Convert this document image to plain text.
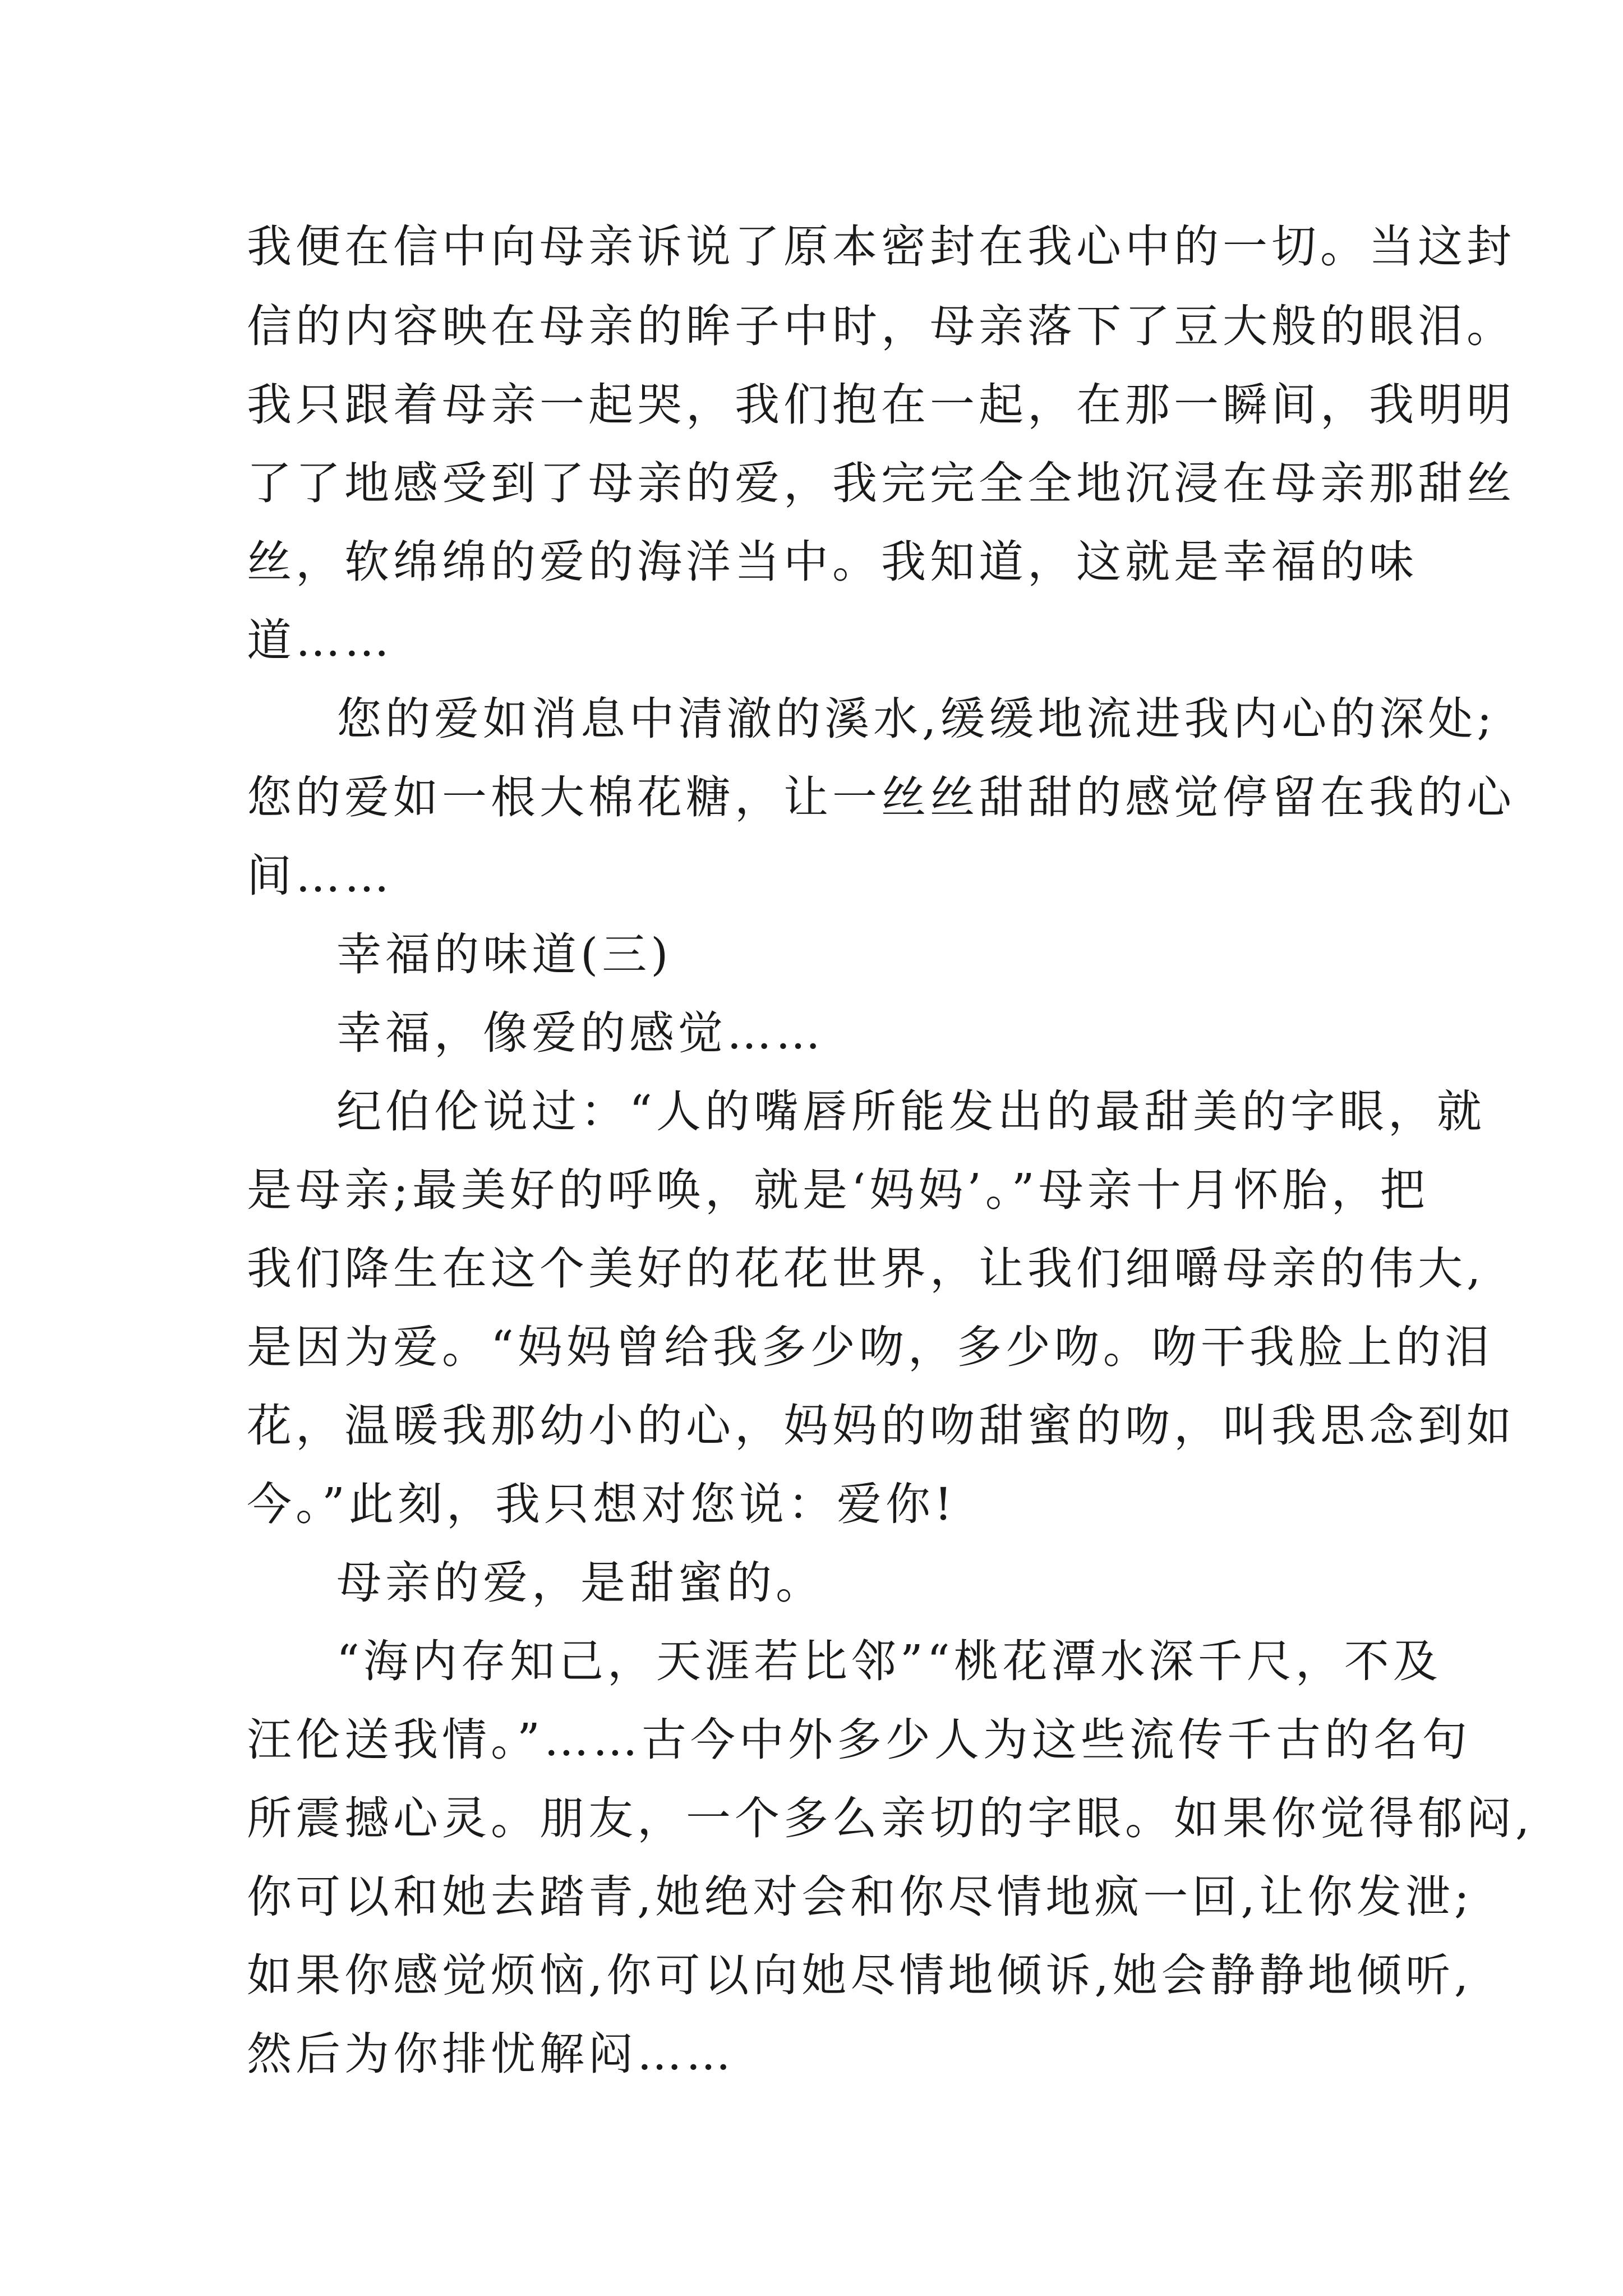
我便在信中向母亲诉说了原本密封在我心中的一切。当这封

信的内容映在母亲的眸子中时，母亲落下了豆大般的眼泪。

我只跟着母亲一起哭，我们抱在一起，在那一瞬间，我明明

了了地感受到了母亲的爱，我完完全全地沉浸在母亲那甜丝

丝，软绵绵的爱的海洋当中。我知道，这就是幸福的味

道……

您的爱如消息中清澈的溪水,缓缓地流进我内心的深处;

您的爱如一根大棉花糖，让一丝丝甜甜的感觉停留在我的心

间……

幸福的味道(三)

幸福，像爱的感觉……

纪伯伦说过：“人的嘴唇所能发出的最甜美的字眼，就

是母亲;最美好的呼唤，就是‘妈妈’。”母亲十月怀胎，把

我们降生在这个美好的花花世界，让我们细嚼母亲的伟大,

是因为爱。“妈妈曾给我多少吻，多少吻。吻干我脸上的泪

花，温暖我那幼小的心，妈妈的吻甜蜜的吻，叫我思念到如

今。”此刻，我只想对您说：爱你!

母亲的爱，是甜蜜的。

“海内存知己，天涯若比邻”“桃花潭水深千尺，不及

汪伦送我情。”……古今中外多少人为这些流传千古的名句

所震撼心灵。朋友，一个多么亲切的字眼。如果你觉得郁闷,

你可以和她去踏青,她绝对会和你尽情地疯一回,让你发泄;

如果你感觉烦恼,你可以向她尽情地倾诉,她会静静地倾听,

然后为你排忧解闷……
